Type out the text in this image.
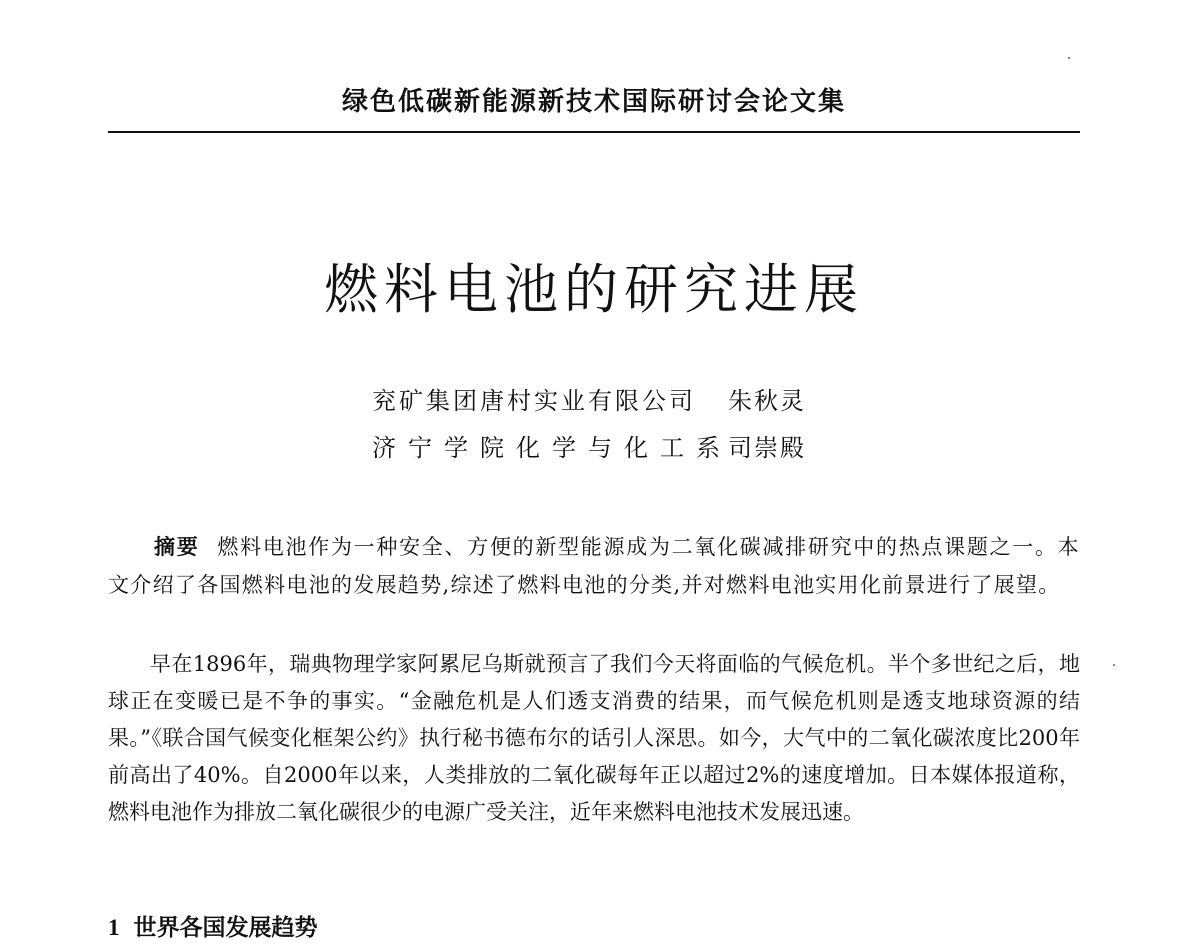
绿色低碳新能源新技术国际研讨会论文集
燃料电池的研究进展
兖矿集团唐村实业有限公司 朱秋灵
济宁学院化学与化工系司崇殿
摘要 燃料电池作为一种安全、方便的新型能源成为二氧化碳减排研究中的热点课题之一。本文介绍了各国燃料电池的发展趋势,综述了燃料电池的分类,并对燃料电池实用化前景进行了展望。

早在1896年，瑞典物理学家阿累尼乌斯就预言了我们今天将面临的气候危机。半个多世纪之后，地球正在变暖已是不争的事实。“金融危机是人们透支消费的结果，而气候危机则是透支地球资源的结果。”《联合国气候变化框架公约》执行秘书德布尔的话引人深思。如今，大气中的二氧化碳浓度比200年前高出了40%。自2000年以来，人类排放的二氧化碳每年正以超过2%的速度增加。日本媒体报道称，燃料电池作为排放二氧化碳很少的电源广受关注，近年来燃料电池技术发展迅速。

1 世界各国发展趋势
